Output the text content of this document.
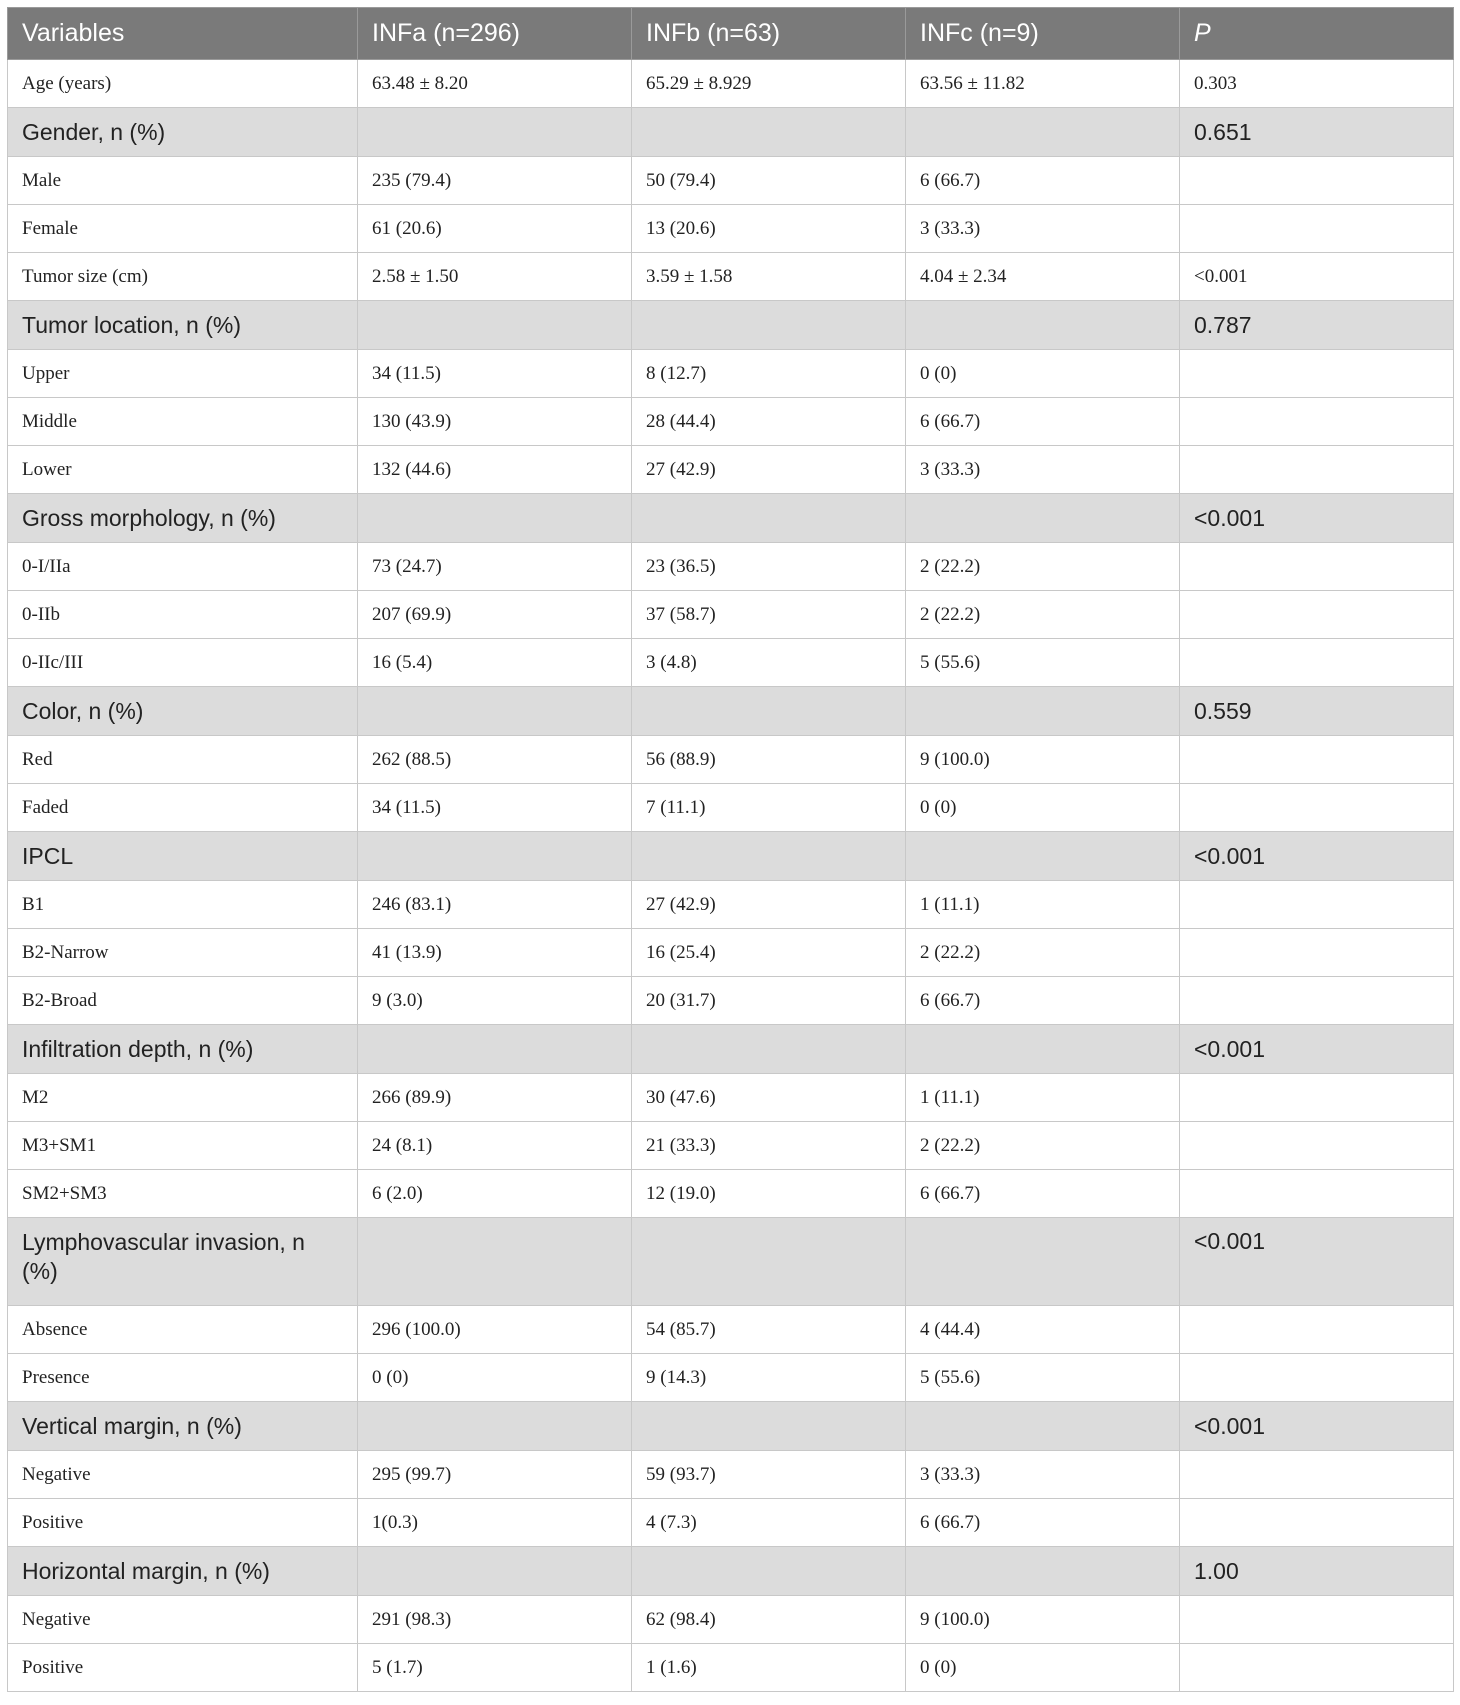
Variables	INFa (n=296)	INFb (n=63)	INFc (n=9)	P
Age (years)	63.48 ± 8.20	65.29 ± 8.929	63.56 ± 11.82	0.303
Gender, n (%)				0.651
Male	235 (79.4)	50 (79.4)	6 (66.7)	
Female	61 (20.6)	13 (20.6)	3 (33.3)	
Tumor size (cm)	2.58 ± 1.50	3.59 ± 1.58	4.04 ± 2.34	<0.001
Tumor location, n (%)				0.787
Upper	34 (11.5)	8 (12.7)	0 (0)	
Middle	130 (43.9)	28 (44.4)	6 (66.7)	
Lower	132 (44.6)	27 (42.9)	3 (33.3)	
Gross morphology, n (%)				<0.001
0-I/IIa	73 (24.7)	23 (36.5)	2 (22.2)	
0-IIb	207 (69.9)	37 (58.7)	2 (22.2)	
0-IIc/III	16 (5.4)	3 (4.8)	5 (55.6)	
Color, n (%)				0.559
Red	262 (88.5)	56 (88.9)	9 (100.0)	
Faded	34 (11.5)	7 (11.1)	0 (0)	
IPCL				<0.001
B1	246 (83.1)	27 (42.9)	1 (11.1)	
B2-Narrow	41 (13.9)	16 (25.4)	2 (22.2)	
B2-Broad	9 (3.0)	20 (31.7)	6 (66.7)	
Infiltration depth, n (%)				<0.001
M2	266 (89.9)	30 (47.6)	1 (11.1)	
M3+SM1	24 (8.1)	21 (33.3)	2 (22.2)	
SM2+SM3	6 (2.0)	12 (19.0)	6 (66.7)	
Lymphovascular invasion, n (%)				<0.001
Absence	296 (100.0)	54 (85.7)	4 (44.4)	
Presence	0 (0)	9 (14.3)	5 (55.6)	
Vertical margin, n (%)				<0.001
Negative	295 (99.7)	59 (93.7)	3 (33.3)	
Positive	1(0.3)	4 (7.3)	6 (66.7)	
Horizontal margin, n (%)				1.00
Negative	291 (98.3)	62 (98.4)	9 (100.0)	
Positive	5 (1.7)	1 (1.6)	0 (0)	
